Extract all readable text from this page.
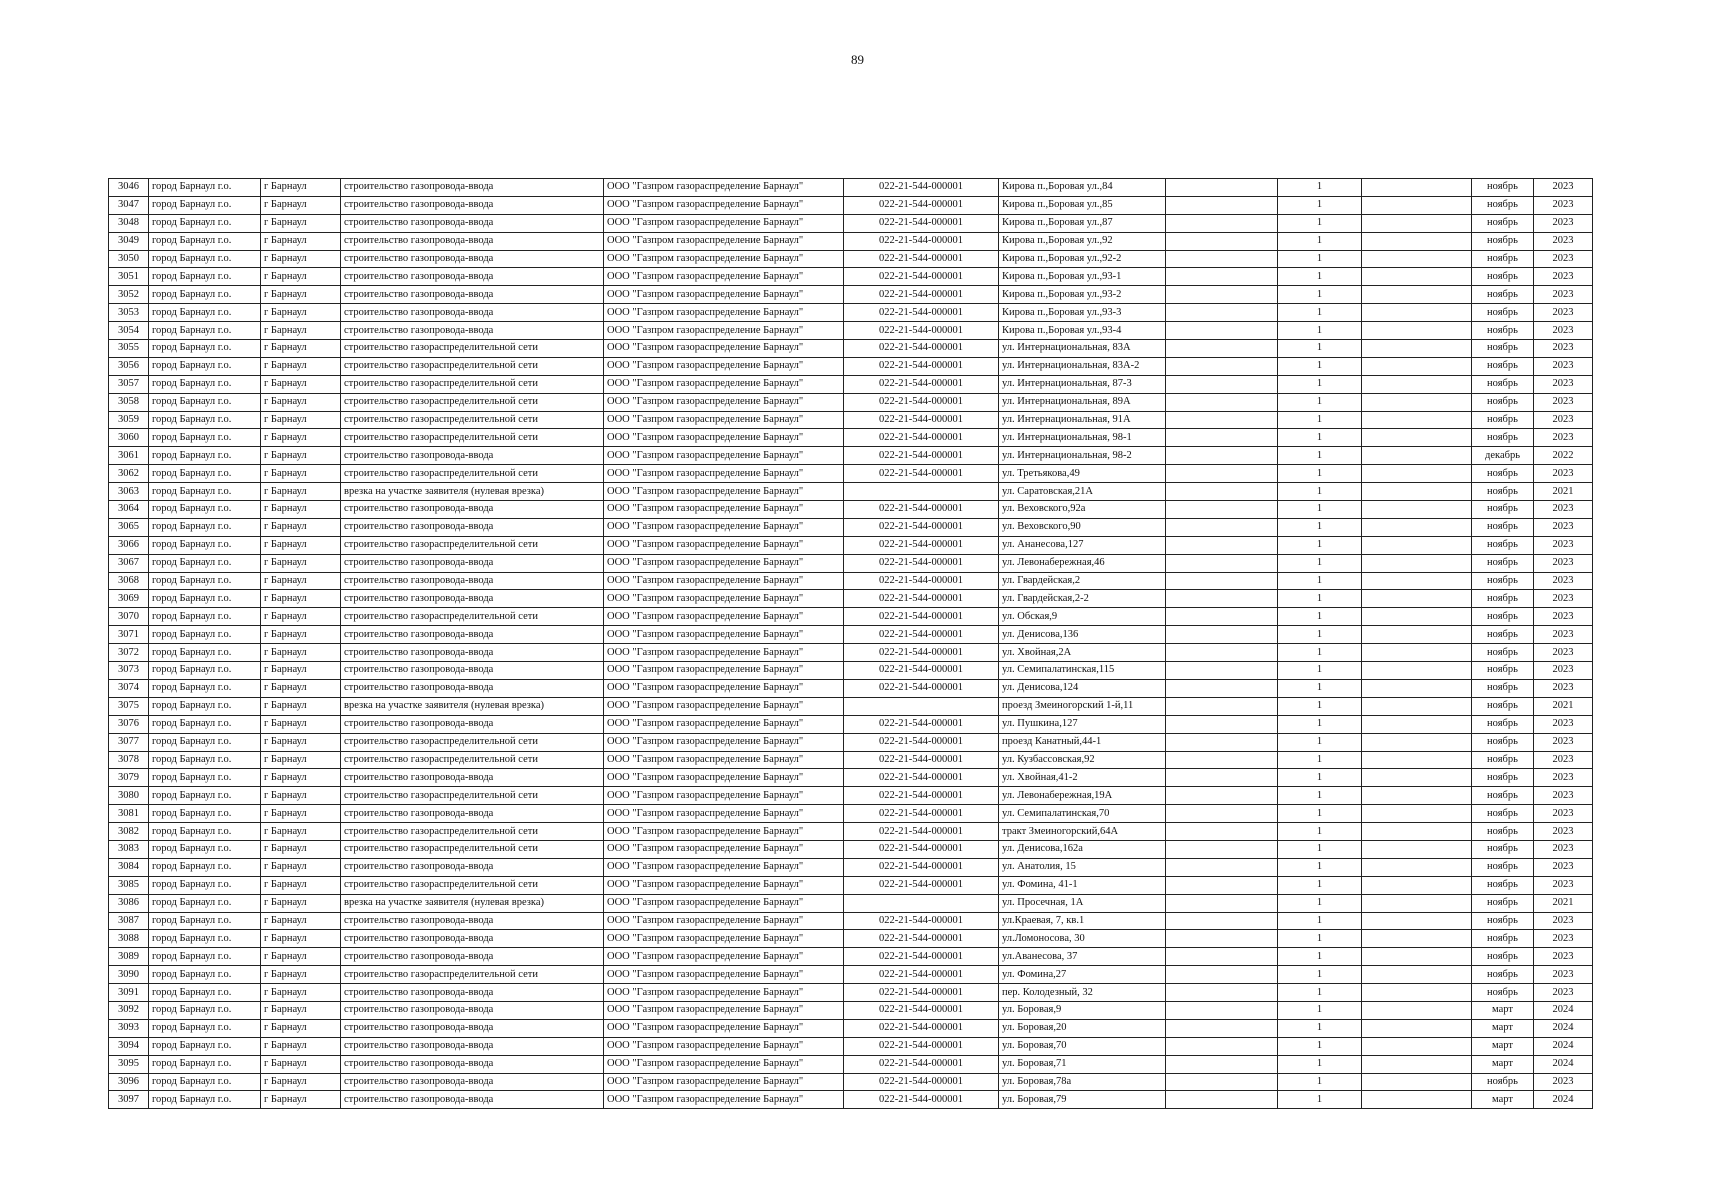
89
3046	город Барнаул г.о.	г Барнаул	строительство газопровода-ввода	ООО "Газпром газораспределение Барнаул"	022-21-544-000001	Кирова п.,Боровая ул.,84		1		ноябрь	2023
3047	город Барнаул г.о.	г Барнаул	строительство газопровода-ввода	ООО "Газпром газораспределение Барнаул"	022-21-544-000001	Кирова п.,Боровая ул.,85		1		ноябрь	2023
3048	город Барнаул г.о.	г Барнаул	строительство газопровода-ввода	ООО "Газпром газораспределение Барнаул"	022-21-544-000001	Кирова п.,Боровая ул.,87		1		ноябрь	2023
3049	город Барнаул г.о.	г Барнаул	строительство газопровода-ввода	ООО "Газпром газораспределение Барнаул"	022-21-544-000001	Кирова п.,Боровая ул.,92		1		ноябрь	2023
3050	город Барнаул г.о.	г Барнаул	строительство газопровода-ввода	ООО "Газпром газораспределение Барнаул"	022-21-544-000001	Кирова п.,Боровая ул.,92-2		1		ноябрь	2023
3051	город Барнаул г.о.	г Барнаул	строительство газопровода-ввода	ООО "Газпром газораспределение Барнаул"	022-21-544-000001	Кирова п.,Боровая ул.,93-1		1		ноябрь	2023
3052	город Барнаул г.о.	г Барнаул	строительство газопровода-ввода	ООО "Газпром газораспределение Барнаул"	022-21-544-000001	Кирова п.,Боровая ул.,93-2		1		ноябрь	2023
3053	город Барнаул г.о.	г Барнаул	строительство газопровода-ввода	ООО "Газпром газораспределение Барнаул"	022-21-544-000001	Кирова п.,Боровая ул.,93-3		1		ноябрь	2023
3054	город Барнаул г.о.	г Барнаул	строительство газопровода-ввода	ООО "Газпром газораспределение Барнаул"	022-21-544-000001	Кирова п.,Боровая ул.,93-4		1		ноябрь	2023
3055	город Барнаул г.о.	г Барнаул	строительство газораспределительной сети	ООО "Газпром газораспределение Барнаул"	022-21-544-000001	ул. Интернациональная, 83А		1		ноябрь	2023
3056	город Барнаул г.о.	г Барнаул	строительство газораспределительной сети	ООО "Газпром газораспределение Барнаул"	022-21-544-000001	ул. Интернациональная, 83А-2		1		ноябрь	2023
3057	город Барнаул г.о.	г Барнаул	строительство газораспределительной сети	ООО "Газпром газораспределение Барнаул"	022-21-544-000001	ул. Интернациональная, 87-3		1		ноябрь	2023
3058	город Барнаул г.о.	г Барнаул	строительство газораспределительной сети	ООО "Газпром газораспределение Барнаул"	022-21-544-000001	ул. Интернациональная, 89А		1		ноябрь	2023
3059	город Барнаул г.о.	г Барнаул	строительство газораспределительной сети	ООО "Газпром газораспределение Барнаул"	022-21-544-000001	ул. Интернациональная, 91А		1		ноябрь	2023
3060	город Барнаул г.о.	г Барнаул	строительство газораспределительной сети	ООО "Газпром газораспределение Барнаул"	022-21-544-000001	ул. Интернациональная, 98-1		1		ноябрь	2023
3061	город Барнаул г.о.	г Барнаул	строительство газопровода-ввода	ООО "Газпром газораспределение Барнаул"	022-21-544-000001	ул. Интернациональная, 98-2		1		декабрь	2022
3062	город Барнаул г.о.	г Барнаул	строительство газораспределительной сети	ООО "Газпром газораспределение Барнаул"	022-21-544-000001	ул. Третьякова,49		1		ноябрь	2023
3063	город Барнаул г.о.	г Барнаул	врезка на участке заявителя (нулевая врезка)	ООО "Газпром газораспределение Барнаул"		ул. Саратовская,21А		1		ноябрь	2021
3064	город Барнаул г.о.	г Барнаул	строительство газопровода-ввода	ООО "Газпром газораспределение Барнаул"	022-21-544-000001	ул. Веховского,92а		1		ноябрь	2023
3065	город Барнаул г.о.	г Барнаул	строительство газопровода-ввода	ООО "Газпром газораспределение Барнаул"	022-21-544-000001	ул. Веховского,90		1		ноябрь	2023
3066	город Барнаул г.о.	г Барнаул	строительство газораспределительной сети	ООО "Газпром газораспределение Барнаул"	022-21-544-000001	ул. Ананесова,127		1		ноябрь	2023
3067	город Барнаул г.о.	г Барнаул	строительство газопровода-ввода	ООО "Газпром газораспределение Барнаул"	022-21-544-000001	ул. Левонабережная,46		1		ноябрь	2023
3068	город Барнаул г.о.	г Барнаул	строительство газопровода-ввода	ООО "Газпром газораспределение Барнаул"	022-21-544-000001	ул. Гвардейская,2		1		ноябрь	2023
3069	город Барнаул г.о.	г Барнаул	строительство газопровода-ввода	ООО "Газпром газораспределение Барнаул"	022-21-544-000001	ул. Гвардейская,2-2		1		ноябрь	2023
3070	город Барнаул г.о.	г Барнаул	строительство газораспределительной сети	ООО "Газпром газораспределение Барнаул"	022-21-544-000001	ул. Обская,9		1		ноябрь	2023
3071	город Барнаул г.о.	г Барнаул	строительство газопровода-ввода	ООО "Газпром газораспределение Барнаул"	022-21-544-000001	ул. Денисова,136		1		ноябрь	2023
3072	город Барнаул г.о.	г Барнаул	строительство газопровода-ввода	ООО "Газпром газораспределение Барнаул"	022-21-544-000001	ул. Хвойная,2А		1		ноябрь	2023
3073	город Барнаул г.о.	г Барнаул	строительство газопровода-ввода	ООО "Газпром газораспределение Барнаул"	022-21-544-000001	ул. Семипалатинская,115		1		ноябрь	2023
3074	город Барнаул г.о.	г Барнаул	строительство газопровода-ввода	ООО "Газпром газораспределение Барнаул"	022-21-544-000001	ул. Денисова,124		1		ноябрь	2023
3075	город Барнаул г.о.	г Барнаул	врезка на участке заявителя (нулевая врезка)	ООО "Газпром газораспределение Барнаул"		проезд Змеиногорский 1-й,11		1		ноябрь	2021
3076	город Барнаул г.о.	г Барнаул	строительство газопровода-ввода	ООО "Газпром газораспределение Барнаул"	022-21-544-000001	ул. Пушкина,127		1		ноябрь	2023
3077	город Барнаул г.о.	г Барнаул	строительство газораспределительной сети	ООО "Газпром газораспределение Барнаул"	022-21-544-000001	проезд Канатный,44-1		1		ноябрь	2023
3078	город Барнаул г.о.	г Барнаул	строительство газораспределительной сети	ООО "Газпром газораспределение Барнаул"	022-21-544-000001	ул. Кузбассовская,92		1		ноябрь	2023
3079	город Барнаул г.о.	г Барнаул	строительство газопровода-ввода	ООО "Газпром газораспределение Барнаул"	022-21-544-000001	ул. Хвойная,41-2		1		ноябрь	2023
3080	город Барнаул г.о.	г Барнаул	строительство газораспределительной сети	ООО "Газпром газораспределение Барнаул"	022-21-544-000001	ул. Левонабережная,19А		1		ноябрь	2023
3081	город Барнаул г.о.	г Барнаул	строительство газопровода-ввода	ООО "Газпром газораспределение Барнаул"	022-21-544-000001	ул. Семипалатинская,70		1		ноябрь	2023
3082	город Барнаул г.о.	г Барнаул	строительство газораспределительной сети	ООО "Газпром газораспределение Барнаул"	022-21-544-000001	тракт Змеиногорский,64А		1		ноябрь	2023
3083	город Барнаул г.о.	г Барнаул	строительство газораспределительной сети	ООО "Газпром газораспределение Барнаул"	022-21-544-000001	ул. Денисова,162а		1		ноябрь	2023
3084	город Барнаул г.о.	г Барнаул	строительство газопровода-ввода	ООО "Газпром газораспределение Барнаул"	022-21-544-000001	ул. Анатолия, 15		1		ноябрь	2023
3085	город Барнаул г.о.	г Барнаул	строительство газораспределительной сети	ООО "Газпром газораспределение Барнаул"	022-21-544-000001	ул. Фомина, 41-1		1		ноябрь	2023
3086	город Барнаул г.о.	г Барнаул	врезка на участке заявителя (нулевая врезка)	ООО "Газпром газораспределение Барнаул"		ул. Просечная, 1А		1		ноябрь	2021
3087	город Барнаул г.о.	г Барнаул	строительство газопровода-ввода	ООО "Газпром газораспределение Барнаул"	022-21-544-000001	ул.Краевая, 7, кв.1		1		ноябрь	2023
3088	город Барнаул г.о.	г Барнаул	строительство газопровода-ввода	ООО "Газпром газораспределение Барнаул"	022-21-544-000001	ул.Ломоносова, 30		1		ноябрь	2023
3089	город Барнаул г.о.	г Барнаул	строительство газопровода-ввода	ООО "Газпром газораспределение Барнаул"	022-21-544-000001	ул.Аванесова, 37		1		ноябрь	2023
3090	город Барнаул г.о.	г Барнаул	строительство газораспределительной сети	ООО "Газпром газораспределение Барнаул"	022-21-544-000001	ул. Фомина,27		1		ноябрь	2023
3091	город Барнаул г.о.	г Барнаул	строительство газопровода-ввода	ООО "Газпром газораспределение Барнаул"	022-21-544-000001	пер. Колодезный, 32		1		ноябрь	2023
3092	город Барнаул г.о.	г Барнаул	строительство газопровода-ввода	ООО "Газпром газораспределение Барнаул"	022-21-544-000001	ул. Боровая,9		1		март	2024
3093	город Барнаул г.о.	г Барнаул	строительство газопровода-ввода	ООО "Газпром газораспределение Барнаул"	022-21-544-000001	ул. Боровая,20		1		март	2024
3094	город Барнаул г.о.	г Барнаул	строительство газопровода-ввода	ООО "Газпром газораспределение Барнаул"	022-21-544-000001	ул. Боровая,70		1		март	2024
3095	город Барнаул г.о.	г Барнаул	строительство газопровода-ввода	ООО "Газпром газораспределение Барнаул"	022-21-544-000001	ул. Боровая,71		1		март	2024
3096	город Барнаул г.о.	г Барнаул	строительство газопровода-ввода	ООО "Газпром газораспределение Барнаул"	022-21-544-000001	ул. Боровая,78а		1		ноябрь	2023
3097	город Барнаул г.о.	г Барнаул	строительство газопровода-ввода	ООО "Газпром газораспределение Барнаул"	022-21-544-000001	ул. Боровая,79		1		март	2024
